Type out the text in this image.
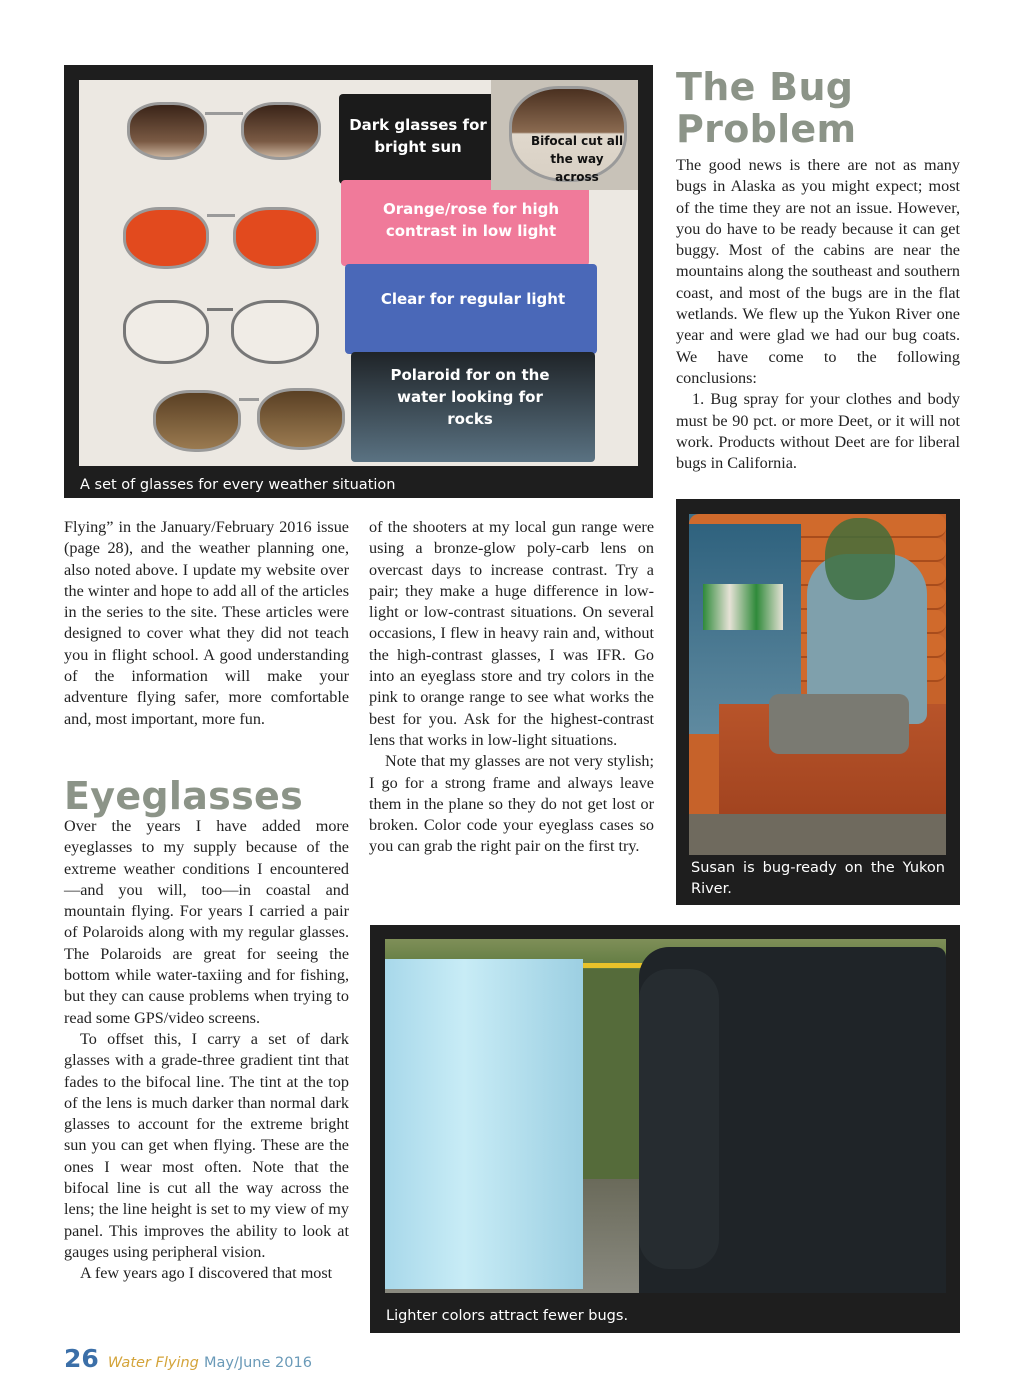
Dark glasses for bright sun
Orange/rose for high contrast in low light
Clear for regular light
Polaroid for on the water looking for rocks
Bifocal cut all the way across
A set of glasses for every weather situation
The Bug
Problem

The good news is there are not as many bugs in Alaska as you might expect; most of the time they are not an issue. However, you do have to be ready because it can get buggy. Most of the cabins are near the mountains along the southeast and southern coast, and most of the bugs are in the flat wetlands. We flew up the Yukon River one year and were glad we had our bug coats. We have come to the following conclusions:

1. Bug spray for your clothes and body must be 90 pct. or more Deet, or it will not work. Products without Deet are for liberal bugs in California.

Susan is bug-ready on the Yukon River.

Flying” in the January/February 2016 issue (page 28), and the weather planning one, also noted above. I update my website over the winter and hope to add all of the articles in the series to the site. These articles were designed to cover what they did not teach you in flight school. A good understanding of the information will make your adventure flying safer, more comfortable and, most important, more fun.

Eyeglasses

Over the years I have added more eyeglasses to my supply because of the extreme weather conditions I encountered—and you will, too—in coastal and mountain flying. For years I carried a pair of Polaroids along with my regular glasses. The Polaroids are great for seeing the bottom while water-taxiing and for fishing, but they can cause problems when trying to read some GPS/video screens.

To offset this, I carry a set of dark glasses with a grade-three gradient tint that fades to the bifocal line. The tint at the top of the lens is much darker than normal dark glasses to account for the extreme bright sun you can get when flying. These are the ones I wear most often. Note that the bifocal line is cut all the way across the lens; the line height is set to my view of my panel. This improves the ability to look at gauges using peripheral vision.

A few years ago I discovered that most

of the shooters at my local gun range were using a bronze-glow poly-carb lens on overcast days to increase contrast. Try a pair; they make a huge difference in low-light or low-contrast situations. On several occasions, I flew in heavy rain and, without the high-contrast glasses, I was IFR. Go into an eyeglass store and try colors in the pink to orange range to see what works the best for you. Ask for the highest-contrast lens that works in low-light situations.

Note that my glasses are not very stylish; I go for a strong frame and always leave them in the plane so they do not get lost or broken. Color code your eyeglass cases so you can grab the right pair on the first try.

Lighter colors attract fewer bugs.
26 Water Flying May/June 2016
